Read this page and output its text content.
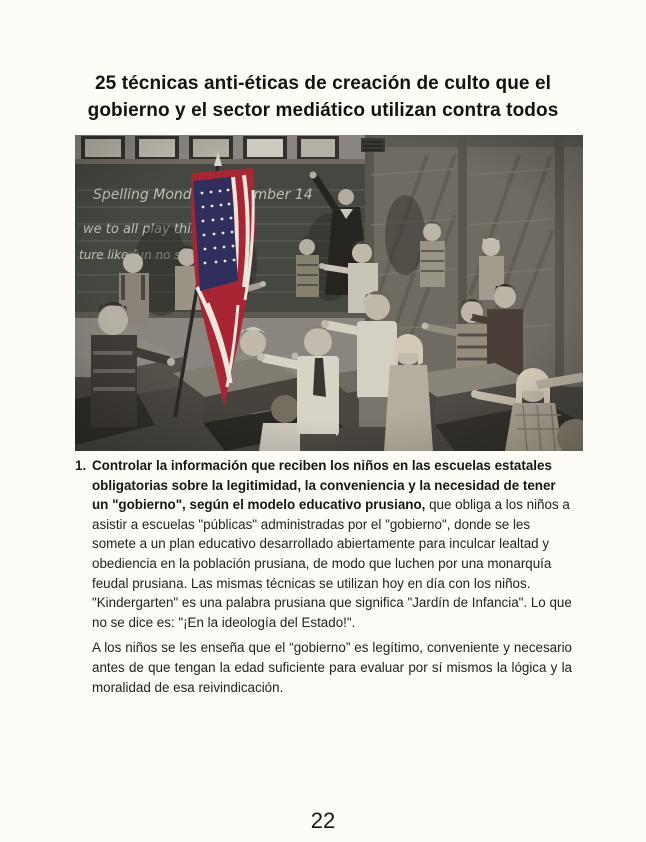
25 técnicas anti-éticas de creación de culto que el gobierno y el sector mediático utilizan contra todos
1. Controlar la información que reciben los niños en las escuelas estatales obligatorias sobre la legitimidad, la conveniencia y la necesidad de tener un "gobierno", según el modelo educativo prusiano, que obliga a los niños a asistir a escuelas "públicas" administradas por el "gobierno", donde se les somete a un plan educativo desarrollado abiertamente para inculcar lealtad y obediencia en la población prusiana, de modo que luchen por una monarquía feudal prusiana. Las mismas técnicas se utilizan hoy en día con los niños. "Kindergarten" es una palabra prusiana que significa "Jardín de Infancia". Lo que no se dice es: "¡En la ideología del Estado!".

A los niños se les enseña que el “gobierno” es legítimo, conveniente y necesario antes de que tengan la edad suficiente para evaluar por sí mismos la lógica y la moralidad de esa reivindicación.

22
